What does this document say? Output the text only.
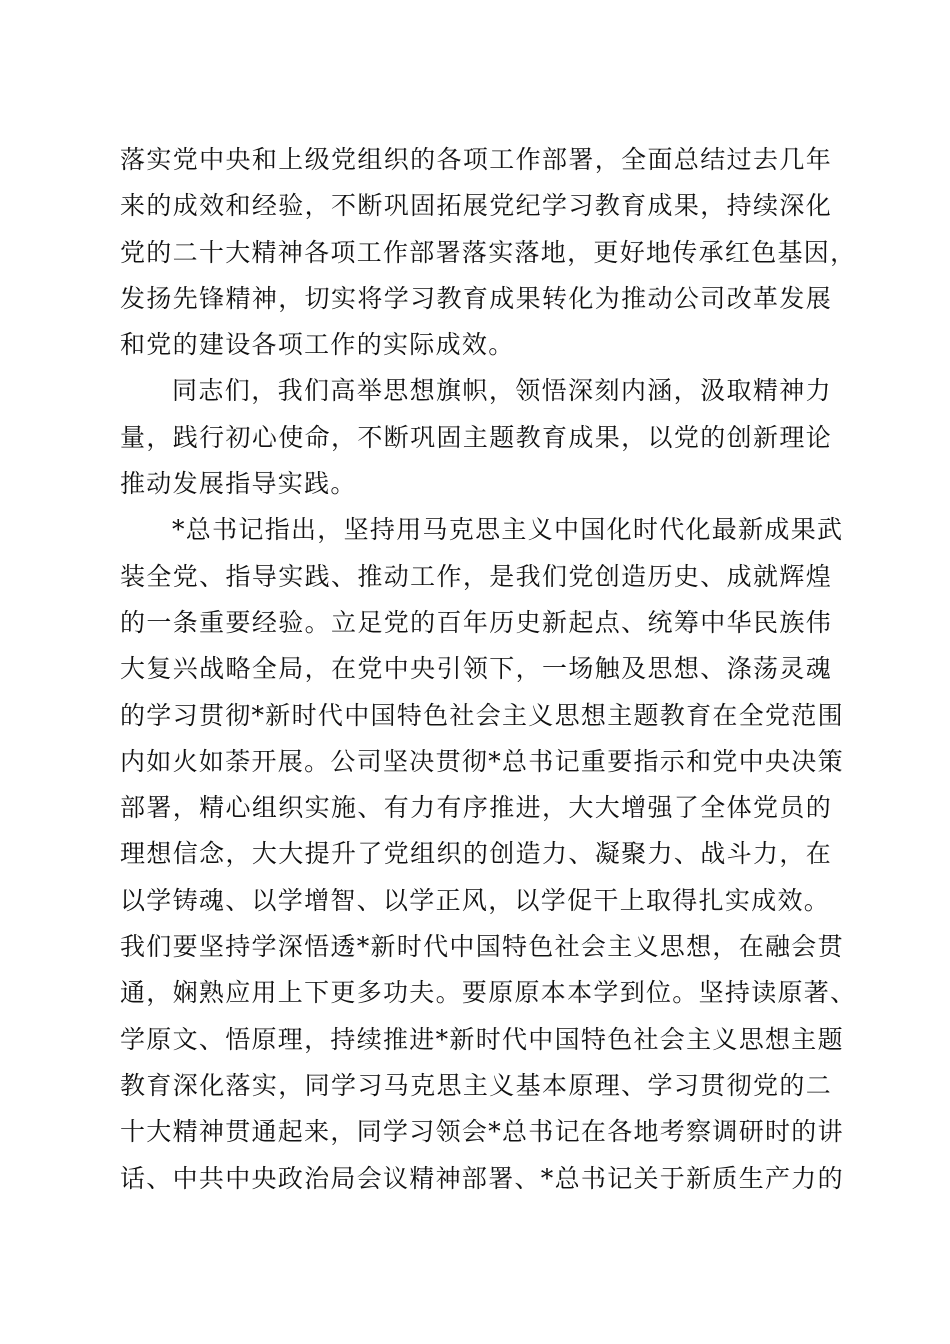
落实党中央和上级党组织的各项工作部署，全面总结过去几年
来的成效和经验，不断巩固拓展党纪学习教育成果，持续深化
党的二十大精神各项工作部署落实落地，更好地传承红色基因，
发扬先锋精神，切实将学习教育成果转化为推动公司改革发展
和党的建设各项工作的实际成效。
同志们，我们高举思想旗帜，领悟深刻内涵，汲取精神力
量，践行初心使命，不断巩固主题教育成果，以党的创新理论
推动发展指导实践。
*总书记指出，坚持用马克思主义中国化时代化最新成果武
装全党、指导实践、推动工作，是我们党创造历史、成就辉煌
的一条重要经验。立足党的百年历史新起点、统筹中华民族伟
大复兴战略全局，在党中央引领下，一场触及思想、涤荡灵魂
的学习贯彻*新时代中国特色社会主义思想主题教育在全党范围
内如火如荼开展。公司坚决贯彻*总书记重要指示和党中央决策
部署，精心组织实施、有力有序推进，大大增强了全体党员的
理想信念，大大提升了党组织的创造力、凝聚力、战斗力，在
以学铸魂、以学增智、以学正风，以学促干上取得扎实成效。
我们要坚持学深悟透*新时代中国特色社会主义思想，在融会贯
通，娴熟应用上下更多功夫。要原原本本学到位。坚持读原著、
学原文、悟原理，持续推进*新时代中国特色社会主义思想主题
教育深化落实，同学习马克思主义基本原理、学习贯彻党的二
十大精神贯通起来，同学习领会*总书记在各地考察调研时的讲
话、中共中央政治局会议精神部署、*总书记关于新质生产力的
